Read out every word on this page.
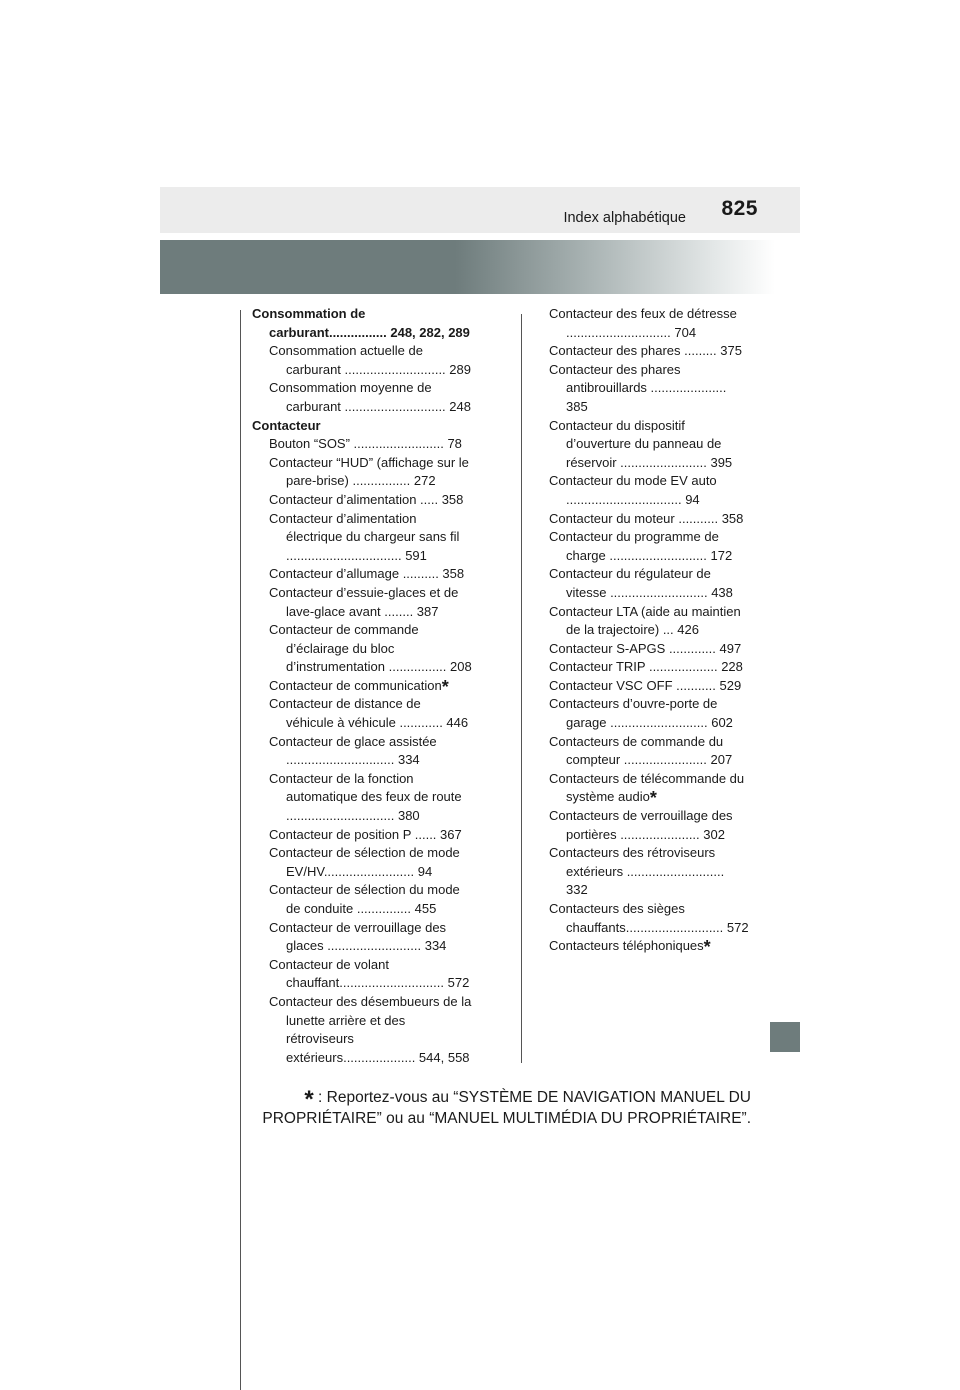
Index alphabétique 825

Consommation de carburant................ 248, 282, 289

Consommation actuelle de carburant ............................ 289

Consommation moyenne de carburant ............................ 248

Contacteur

Bouton “SOS” ......................... 78

Contacteur “HUD” (affichage sur le pare-brise) ................ 272

Contacteur d’alimentation ..... 358

Contacteur d’alimentation électrique du chargeur sans fil ................................ 591

Contacteur d’allumage .......... 358

Contacteur d’essuie-glaces et de lave-glace avant ........ 387

Contacteur de commande d’éclairage du bloc d’instrumentation ................ 208

Contacteur de communication*

Contacteur de distance de véhicule à véhicule ............ 446

Contacteur de glace assistée .............................. 334

Contacteur de la fonction automatique des feux de route .............................. 380

Contacteur de position P ...... 367

Contacteur de sélection de mode EV/HV......................... 94

Contacteur de sélection du mode de conduite ............... 455

Contacteur de verrouillage des glaces .......................... 334

Contacteur de volant chauffant............................. 572

Contacteur des désembueurs de la lunette arrière et des rétroviseurs extérieurs.................... 544, 558

Contacteur des feux de détresse ............................. 704

Contacteur des phares ......... 375

Contacteur des phares antibrouillards ..................... 385

Contacteur du dispositif d’ouverture du panneau de réservoir ........................ 395

Contacteur du mode EV auto ................................ 94

Contacteur du moteur ........... 358

Contacteur du programme de charge ........................... 172

Contacteur du régulateur de vitesse ........................... 438

Contacteur LTA (aide au maintien de la trajectoire) ... 426

Contacteur S-APGS ............. 497

Contacteur TRIP ................... 228

Contacteur VSC OFF ........... 529

Contacteurs d’ouvre-porte de garage ........................... 602

Contacteurs de commande du compteur ....................... 207

Contacteurs de télécommande du système audio*

Contacteurs de verrouillage des portières ...................... 302

Contacteurs des rétroviseurs extérieurs ........................... 332

Contacteurs des sièges chauffants........................... 572

Contacteurs téléphoniques*

* : Reportez-vous au “SYSTÈME DE NAVIGATION MANUEL DU PROPRIÉTAIRE” ou au “MANUEL MULTIMÉDIA DU PROPRIÉTAIRE”.
